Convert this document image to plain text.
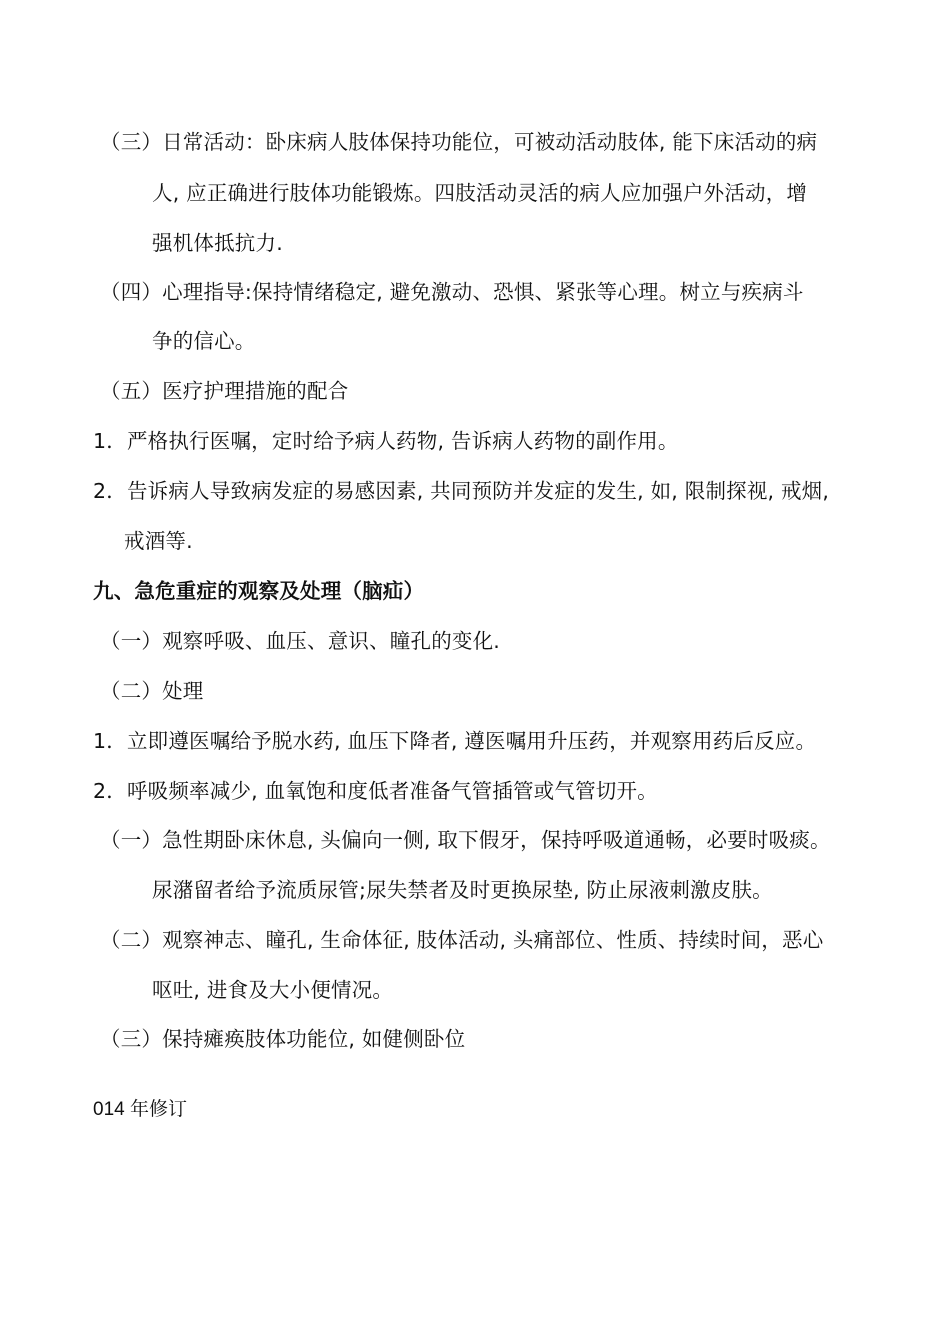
（三）日常活动：卧床病人肢体保持功能位，可被动活动肢体, 能下床活动的病
人, 应正确进行肢体功能锻炼。四肢活动灵活的病人应加强户外活动，增
强机体抵抗力.
（四）心理指导:保持情绪稳定, 避免激动、恐惧、紧张等心理。树立与疾病斗
争的信心。
（五）医疗护理措施的配合
1．严格执行医嘱，定时给予病人药物, 告诉病人药物的副作用。
2．告诉病人导致病发症的易感因素, 共同预防并发症的发生, 如, 限制探视, 戒烟,
戒酒等.
九、急危重症的观察及处理（脑疝）
（一）观察呼吸、血压、意识、瞳孔的变化.
（二）处理
1．立即遵医嘱给予脱水药, 血压下降者, 遵医嘱用升压药，并观察用药后反应。
2．呼吸频率减少, 血氧饱和度低者准备气管插管或气管切开。
（一）急性期卧床休息, 头偏向一侧, 取下假牙，保持呼吸道通畅，必要时吸痰。
尿潴留者给予流质尿管;尿失禁者及时更换尿垫, 防止尿液刺激皮肤。
（二）观察神志、瞳孔, 生命体征, 肢体活动, 头痛部位、性质、持续时间，恶心
呕吐, 进食及大小便情况。
（三）保持瘫痪肢体功能位, 如健侧卧位
014 年修订
